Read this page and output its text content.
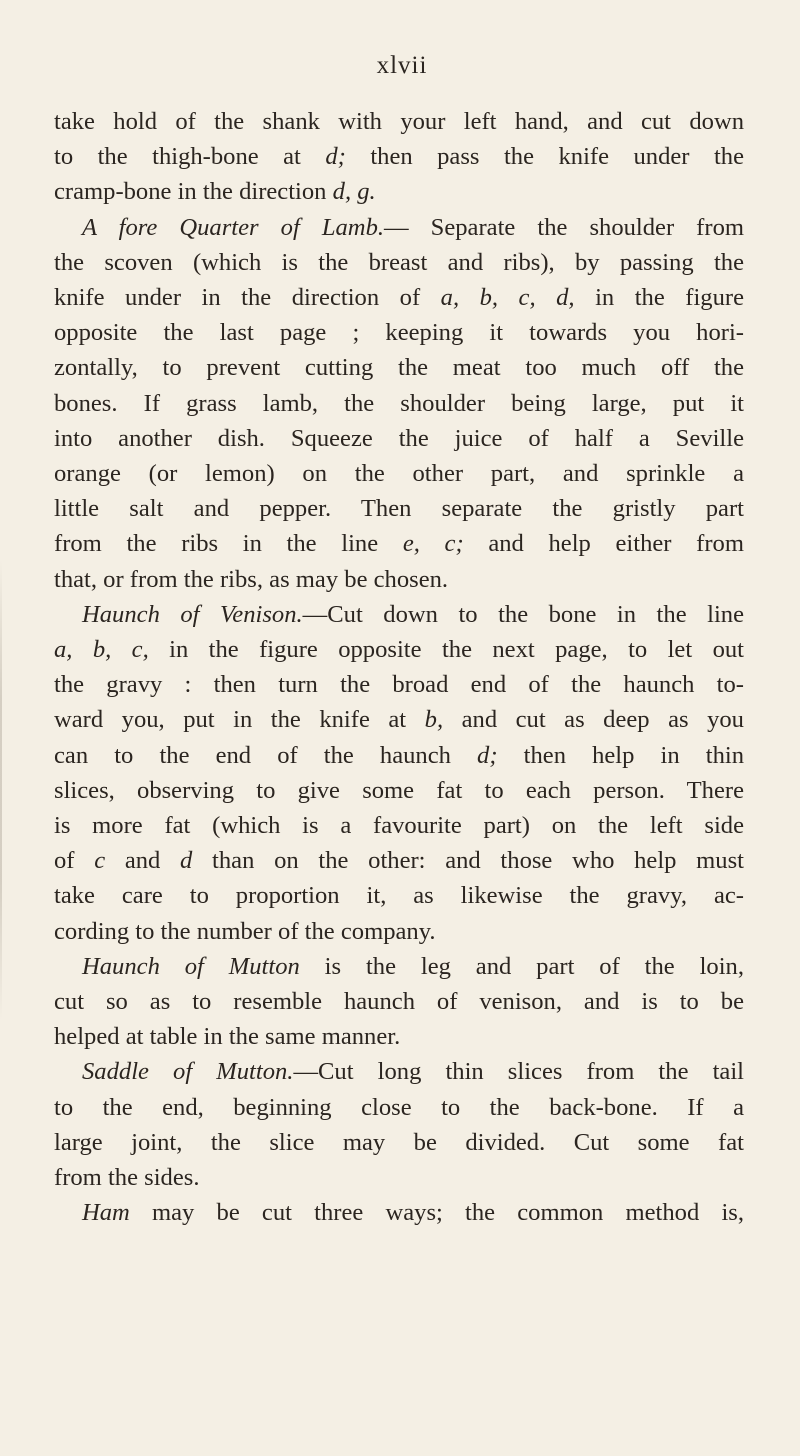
xlvii
take hold of the shank with your left hand, and cut down
to the thigh-bone at d; then pass the knife under the
cramp-bone in the direction d, g.
A fore Quarter of Lamb.— Separate the shoulder from
the scoven (which is the breast and ribs), by passing the
knife under in the direction of a, b, c, d, in the figure
opposite the last page ; keeping it towards you hori-
zontally, to prevent cutting the meat too much off the
bones. If grass lamb, the shoulder being large, put it
into another dish. Squeeze the juice of half a Seville
orange (or lemon) on the other part, and sprinkle a
little salt and pepper. Then separate the gristly part
from the ribs in the line e, c; and help either from
that, or from the ribs, as may be chosen.
Haunch of Venison.—Cut down to the bone in the line
a, b, c, in the figure opposite the next page, to let out
the gravy : then turn the broad end of the haunch to-
ward you, put in the knife at b, and cut as deep as you
can to the end of the haunch d; then help in thin
slices, observing to give some fat to each person. There
is more fat (which is a favourite part) on the left side
of c and d than on the other: and those who help must
take care to proportion it, as likewise the gravy, ac-
cording to the number of the company.
Haunch of Mutton is the leg and part of the loin,
cut so as to resemble haunch of venison, and is to be
helped at table in the same manner.
Saddle of Mutton.—Cut long thin slices from the tail
to the end, beginning close to the back-bone. If a
large joint, the slice may be divided. Cut some fat
from the sides.
Ham may be cut three ways; the common method is,
